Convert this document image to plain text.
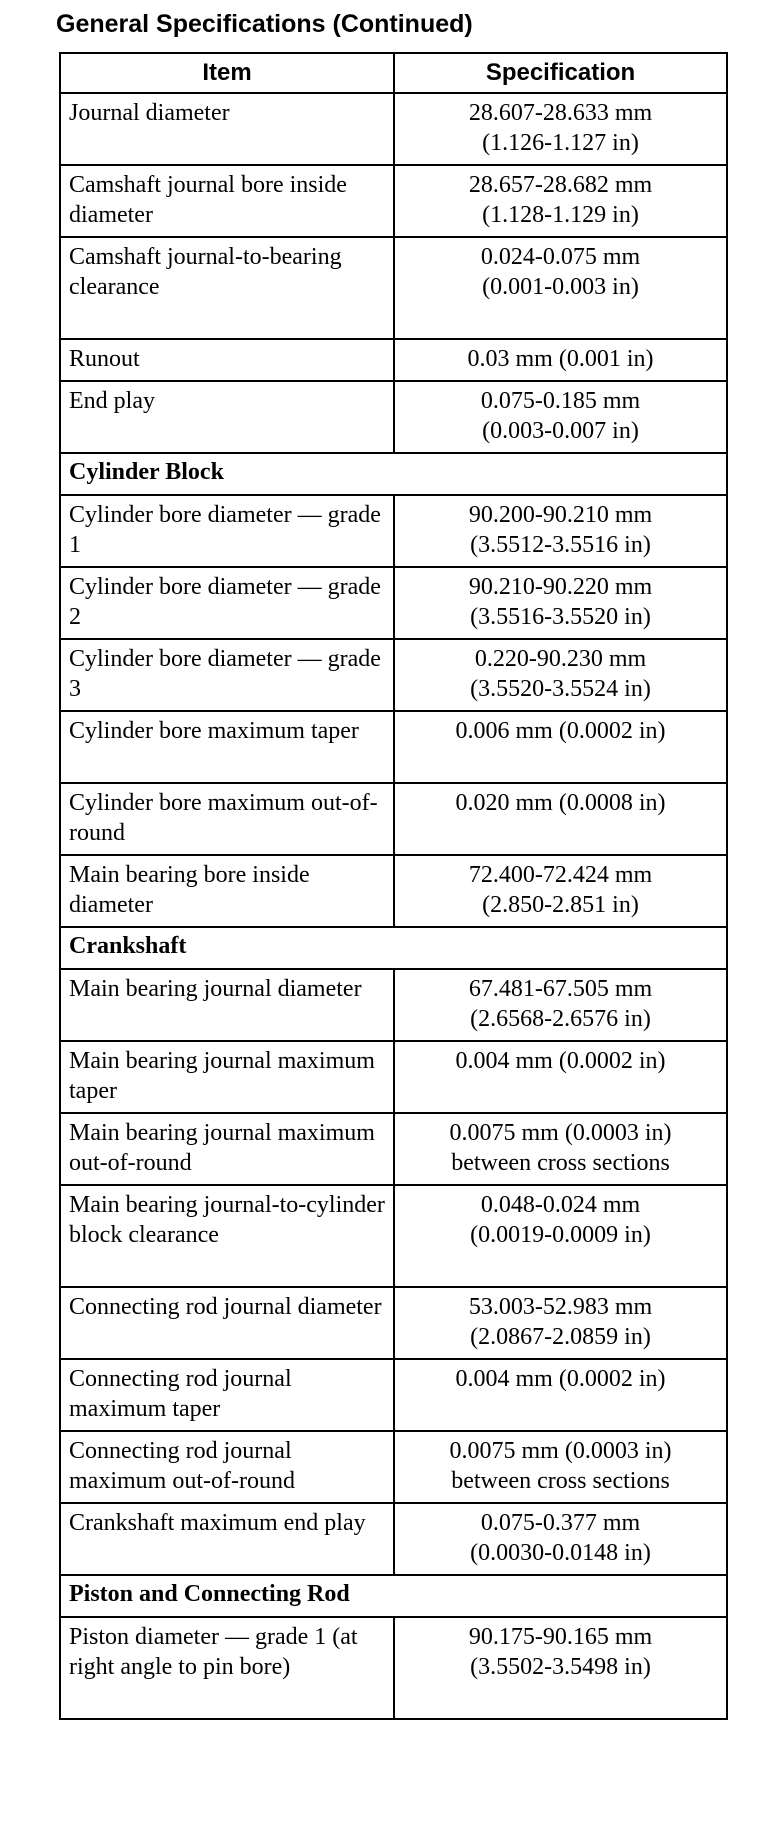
General Specifications (Continued)
Item	Specification
Journal diameter	28.607-28.633 mm
(1.126-1.127 in)
Camshaft journal bore inside diameter	28.657-28.682 mm
(1.128-1.129 in)
Camshaft journal-to-bearing clearance	0.024-0.075 mm
(0.001-0.003 in)
Runout	0.03 mm (0.001 in)
End play	0.075-0.185 mm
(0.003-0.007 in)
Cylinder Block	
Cylinder bore diameter — grade 1	90.200-90.210 mm
(3.5512-3.5516 in)
Cylinder bore diameter — grade 2	90.210-90.220 mm
(3.5516-3.5520 in)
Cylinder bore diameter — grade 3	0.220-90.230 mm
(3.5520-3.5524 in)
Cylinder bore maximum taper	0.006 mm (0.0002 in)
Cylinder bore maximum out-of-round	0.020 mm (0.0008 in)
Main bearing bore inside diameter	72.400-72.424 mm
(2.850-2.851 in)
Crankshaft	
Main bearing journal diameter	67.481-67.505 mm
(2.6568-2.6576 in)
Main bearing journal maximum taper	0.004 mm (0.0002 in)
Main bearing journal maximum out-of-round	0.0075 mm (0.0003 in)
between cross sections
Main bearing journal-to-cylinder block clearance	0.048-0.024 mm
(0.0019-0.0009 in)
Connecting rod journal diameter	53.003-52.983 mm
(2.0867-2.0859 in)
Connecting rod journal maximum taper	0.004 mm (0.0002 in)
Connecting rod journal maximum out-of-round	0.0075 mm (0.0003 in)
between cross sections
Crankshaft maximum end play	0.075-0.377 mm
(0.0030-0.0148 in)
Piston and Connecting Rod	
Piston diameter — grade 1 (at right angle to pin bore)	90.175-90.165 mm
(3.5502-3.5498 in)
